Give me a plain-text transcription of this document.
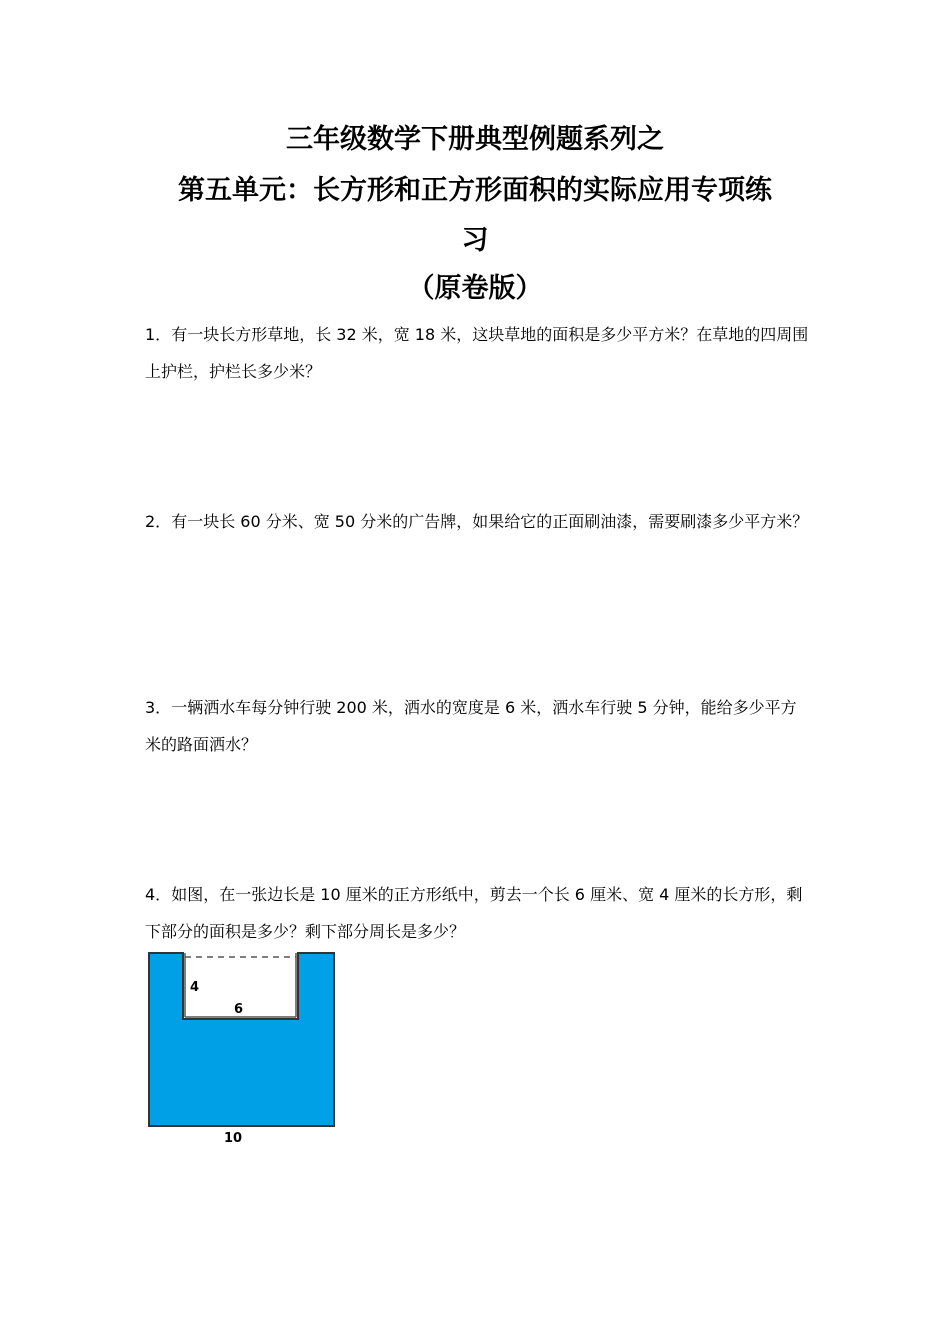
三年级数学下册典型例题系列之
第五单元：长方形和正方形面积的实际应用专项练
习
（原卷版）
1．有一块长方形草地，长 32 米，宽 18 米，这块草地的面积是多少平方米？在草地的四周围上护栏，护栏长多少米？
2．有一块长 60 分米、宽 50 分米的广告牌，如果给它的正面刷油漆，需要刷漆多少平方米？
3．一辆洒水车每分钟行驶 200 米，洒水的宽度是 6 米，洒水车行驶 5 分钟，能给多少平方米的路面洒水？
4．如图，在一张边长是 10 厘米的正方形纸中，剪去一个长 6 厘米、宽 4 厘米的长方形，剩下部分的面积是多少？剩下部分周长是多少？
4
6
10
